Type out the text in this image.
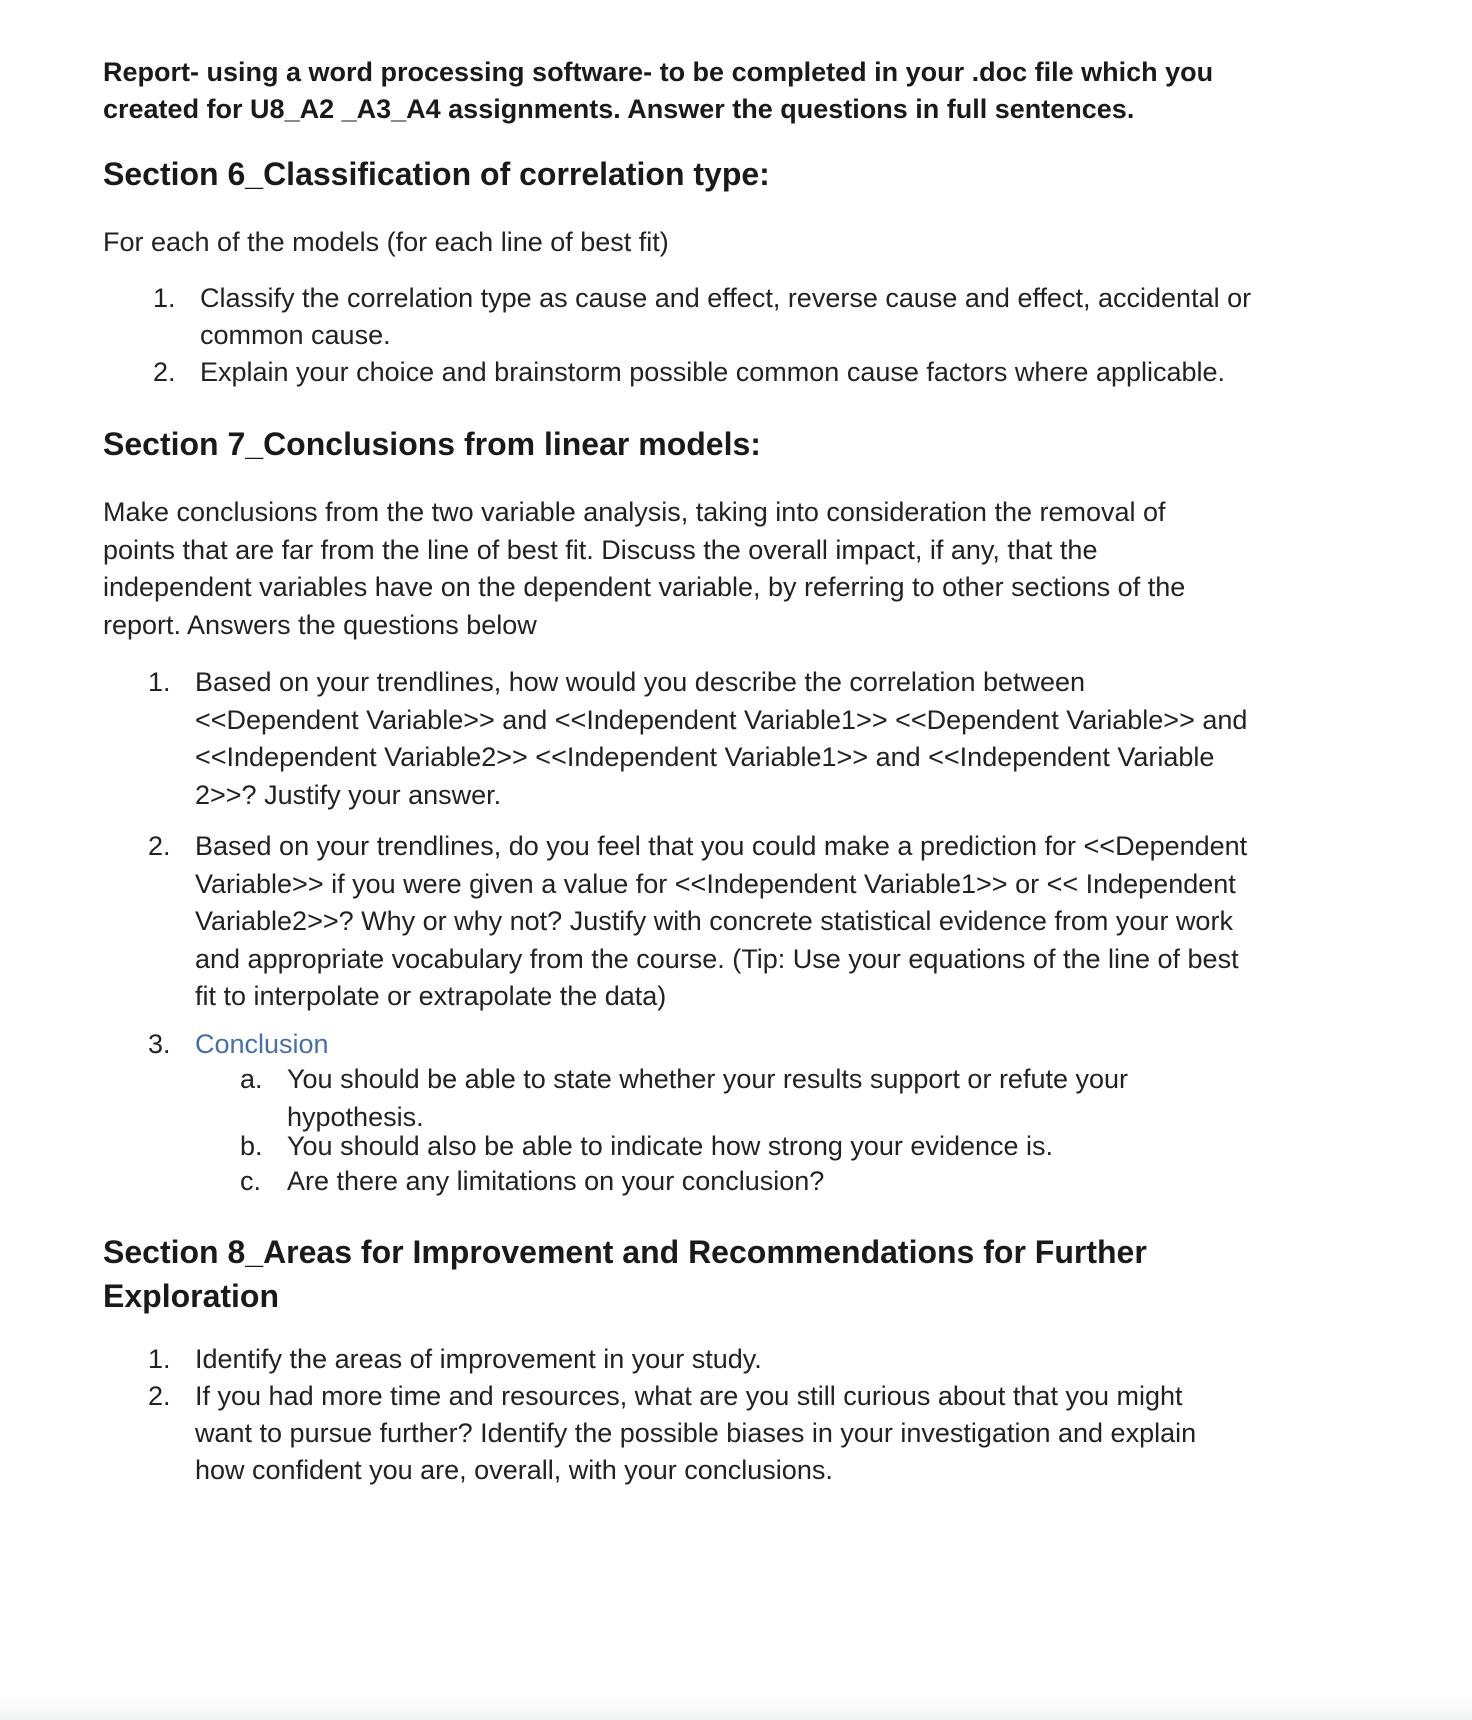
Report- using a word processing software- to be completed in your .doc file which you
created for U8_A2 _A3_A4 assignments. Answer the questions in full sentences.
Section 6_Classification of correlation type:
For each of the models (for each line of best fit)
1. Classify the correlation type as cause and effect, reverse cause and effect, accidental or
common cause.
2. Explain your choice and brainstorm possible common cause factors where applicable.
Section 7_Conclusions from linear models:
Make conclusions from the two variable analysis, taking into consideration the removal of
points that are far from the line of best fit. Discuss the overall impact, if any, that the
independent variables have on the dependent variable, by referring to other sections of the
report. Answers the questions below
1. Based on your trendlines, how would you describe the correlation between
<<Dependent Variable>> and <<Independent Variable1>> <<Dependent Variable>> and
<<Independent Variable2>> <<Independent Variable1>> and <<Independent Variable
2>>? Justify your answer.
2. Based on your trendlines, do you feel that you could make a prediction for <<Dependent
Variable>> if you were given a value for <<Independent Variable1>> or << Independent
Variable2>>? Why or why not? Justify with concrete statistical evidence from your work
and appropriate vocabulary from the course. (Tip: Use your equations of the line of best
fit to interpolate or extrapolate the data)
3. Conclusion
a. You should be able to state whether your results support or refute your
hypothesis.
b. You should also be able to indicate how strong your evidence is.
c. Are there any limitations on your conclusion?
Section 8_Areas for Improvement and Recommendations for Further
Exploration
1. Identify the areas of improvement in your study.
2. If you had more time and resources, what are you still curious about that you might
want to pursue further? Identify the possible biases in your investigation and explain
how confident you are, overall, with your conclusions.
